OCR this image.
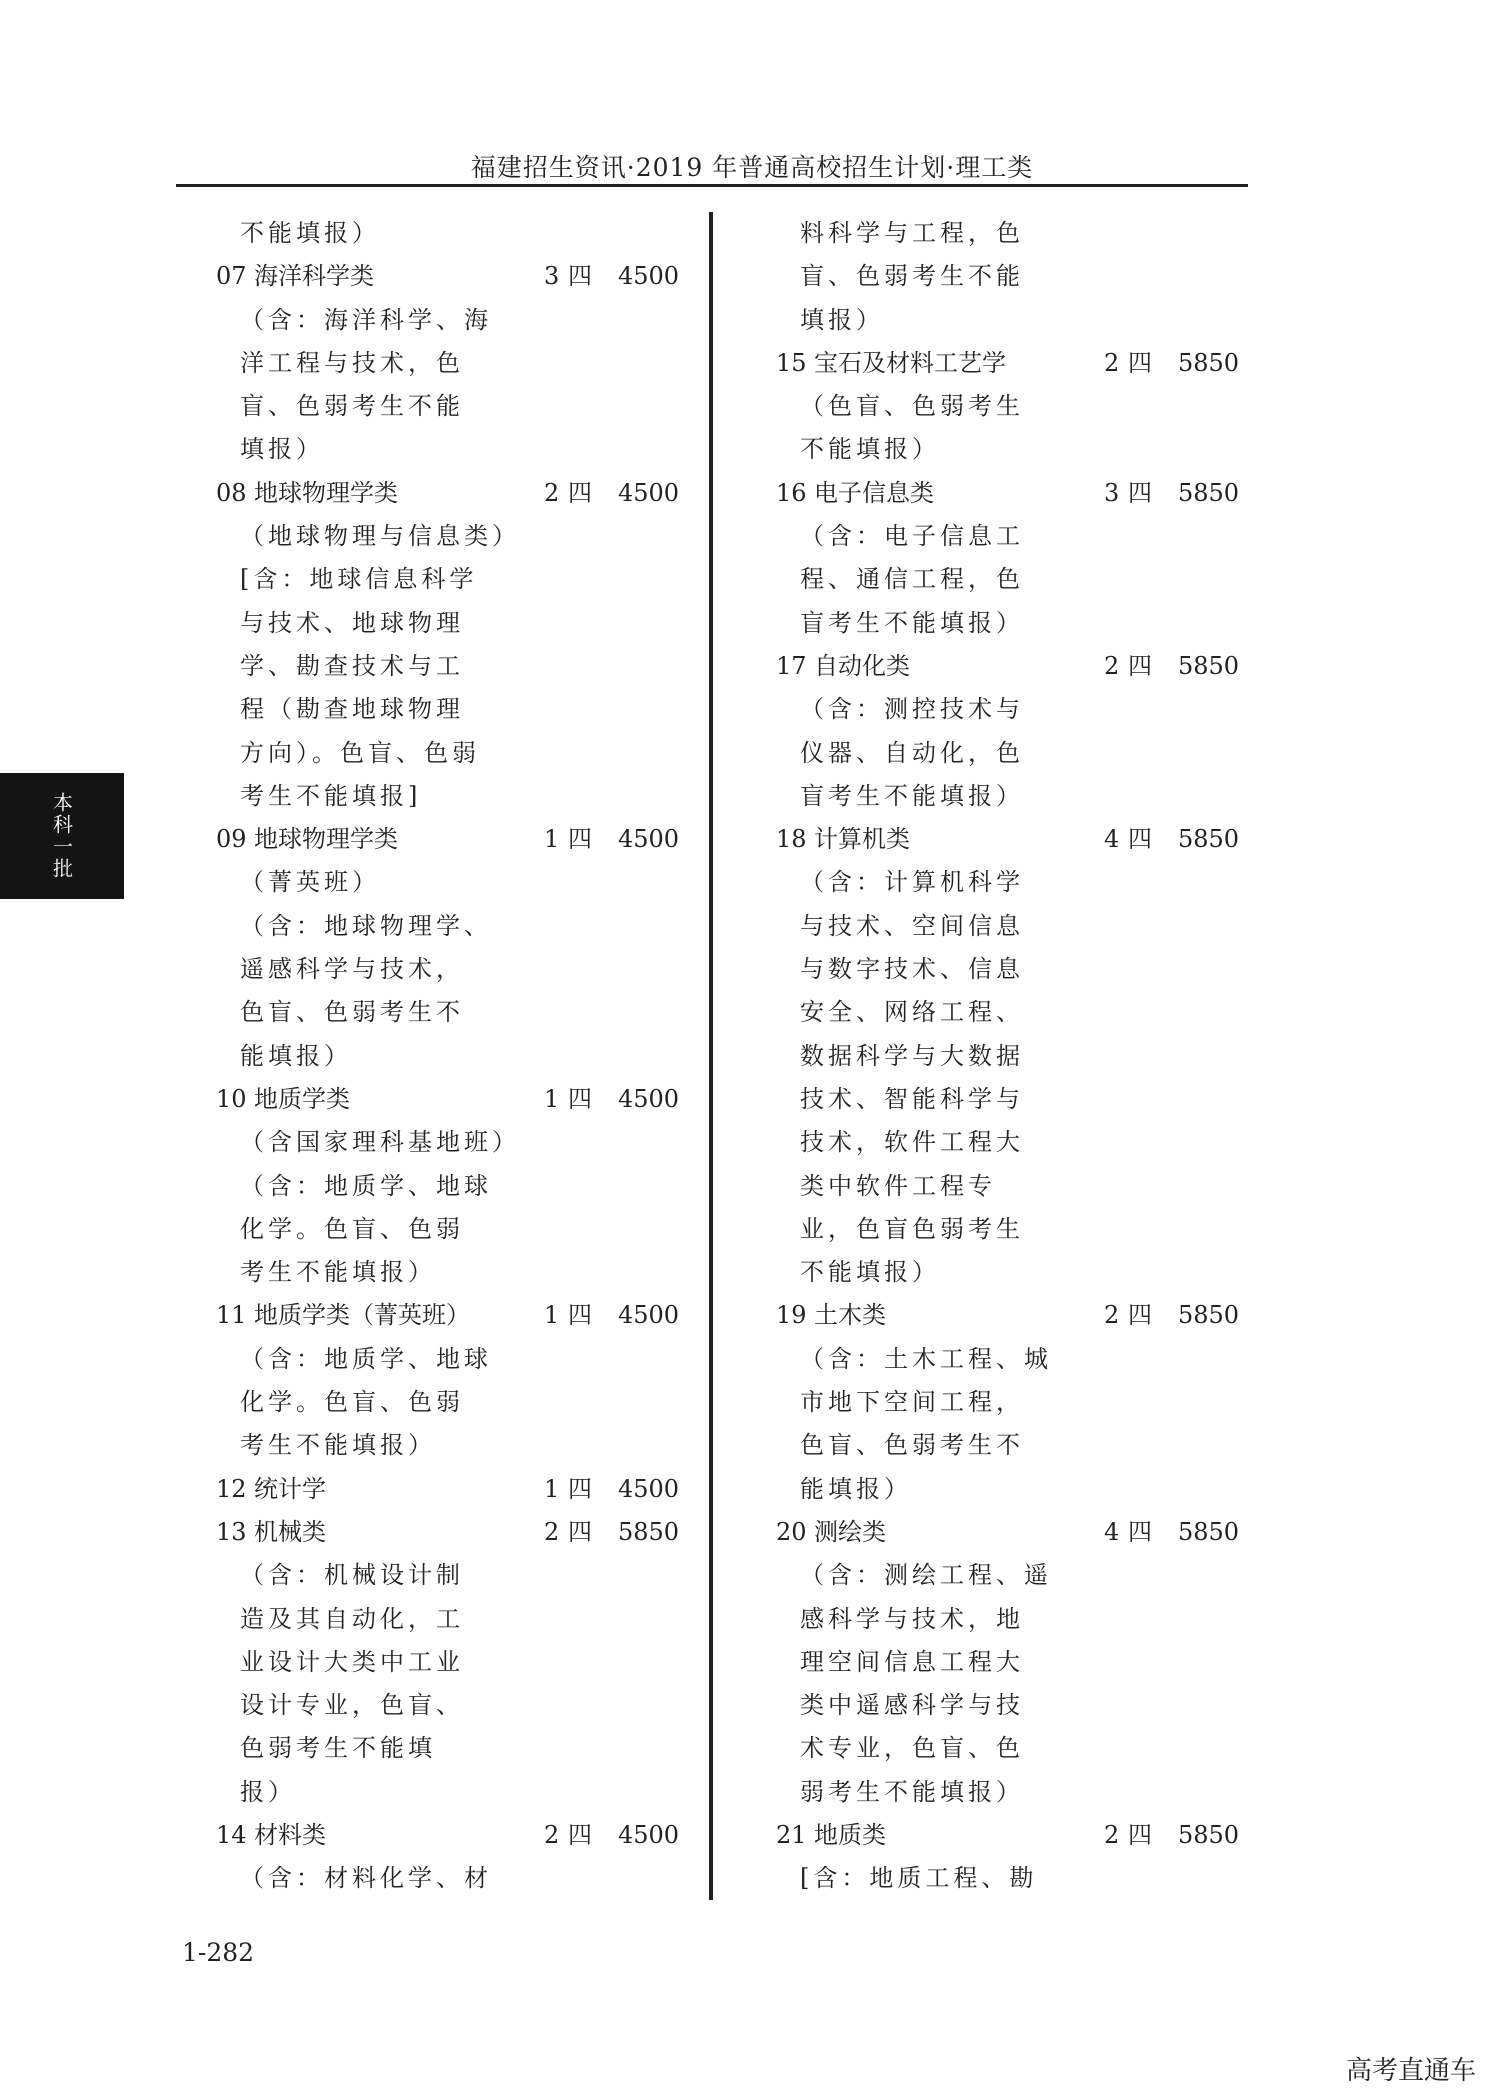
福建招生资讯·2019 年普通高校招生计划·理工类
不能填报）
07 海洋科学类	3 四 4500
（含：海洋科学、海
洋工程与技术，色
盲、色弱考生不能
填报）
08 地球物理学类	2 四 4500
（地球物理与信息类）
[含：地球信息科学
与技术、地球物理
学、勘查技术与工
程（勘查地球物理
方向）。色盲、色弱
考生不能填报]
09 地球物理学类	1 四 4500
（菁英班）
（含：地球物理学、
遥感科学与技术，
色盲、色弱考生不
能填报）
10 地质学类	1 四 4500
（含国家理科基地班）
（含：地质学、地球
化学。色盲、色弱
考生不能填报）
11 地质学类（菁英班）	1 四 4500
（含：地质学、地球
化学。色盲、色弱
考生不能填报）
12 统计学	1 四 4500
13 机械类	2 四 5850
（含：机械设计制
造及其自动化，工
业设计大类中工业
设计专业，色盲、
色弱考生不能填
报）
14 材料类	2 四 4500
（含：材料化学、材
料科学与工程，色
盲、色弱考生不能
填报）
15 宝石及材料工艺学	2 四 5850
（色盲、色弱考生
不能填报）
16 电子信息类	3 四 5850
（含：电子信息工
程、通信工程，色
盲考生不能填报）
17 自动化类	2 四 5850
（含：测控技术与
仪器、自动化，色
盲考生不能填报）
18 计算机类	4 四 5850
（含：计算机科学
与技术、空间信息
与数字技术、信息
安全、网络工程、
数据科学与大数据
技术、智能科学与
技术，软件工程大
类中软件工程专
业，色盲色弱考生
不能填报）
19 土木类	2 四 5850
（含：土木工程、城
市地下空间工程，
色盲、色弱考生不
能填报）
20 测绘类	4 四 5850
（含：测绘工程、遥
感科学与技术，地
理空间信息工程大
类中遥感科学与技
术专业，色盲、色
弱考生不能填报）
21 地质类	2 四 5850
[含：地质工程、勘
本科一批
1-282
高考直通车
